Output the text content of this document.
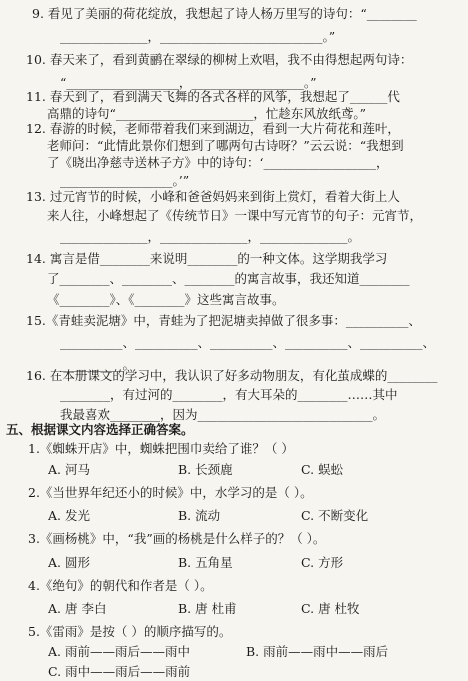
9. 看见了美丽的荷花绽放，我想起了诗人杨万里写的诗句：“________
______________，__________________________。”
10. 春天来了，看到黄鹂在翠绿的柳树上欢唱，我不由得想起两句诗：
“__________________，__________________。”
11. 春天到了，看到满天飞舞的各式各样的风筝，我想起了______代
高鼎的诗句“______________________，忙趁东风放纸鸢。”
12. 春游的时候，老师带着我们来到湖边，看到一大片荷花和莲叶，
老师问：“此情此景你们想到了哪两句古诗呀？”云云说：“我想到
了《晓出净慈寺送林子方》中的诗句：‘__________________，
__________________。’”
13. 过元宵节的时候，小峰和爸爸妈妈来到街上赏灯，看着大街上人
来人往，小峰想起了《传统节日》一课中写元宵节的句子：元宵节，
______________，______________，______________。
14. 寓言是借________来说明________的一种文体。这学期我学习
了________、________、________的寓言故事，我还知道________
《________》、《________》这些寓言故事。
15.《青蛙卖泥塘》中，青蛙为了把泥塘卖掉做了很多事：__________、
__________、__________、__________、__________、__________、
__________。
16. 在本册课文的学习中，我认识了好多动物朋友，有化茧成蝶的________
________，有过河的________，有大耳朵的________……其中
我最喜欢________，因为____________________________。
五、根据课文内容选择正确答案。
1.《蜘蛛开店》中，蜘蛛把围巾卖给了谁？（ ）
A. 河马	B. 长颈鹿	C. 蜈蚣
2.《当世界年纪还小的时候》中，水学习的是（ ）。
A. 发光	B. 流动	C. 不断变化
3.《画杨桃》中，“我”画的杨桃是什么样子的？（ ）。
A. 圆形	B. 五角星	C. 方形
4.《绝句》的朝代和作者是（ ）。
A. 唐 李白	B. 唐 杜甫	C. 唐 杜牧
5.《雷雨》是按（ ）的顺序描写的。
A. 雨前——雨后——雨中	B. 雨前——雨中——雨后
C. 雨中——雨后——雨前
